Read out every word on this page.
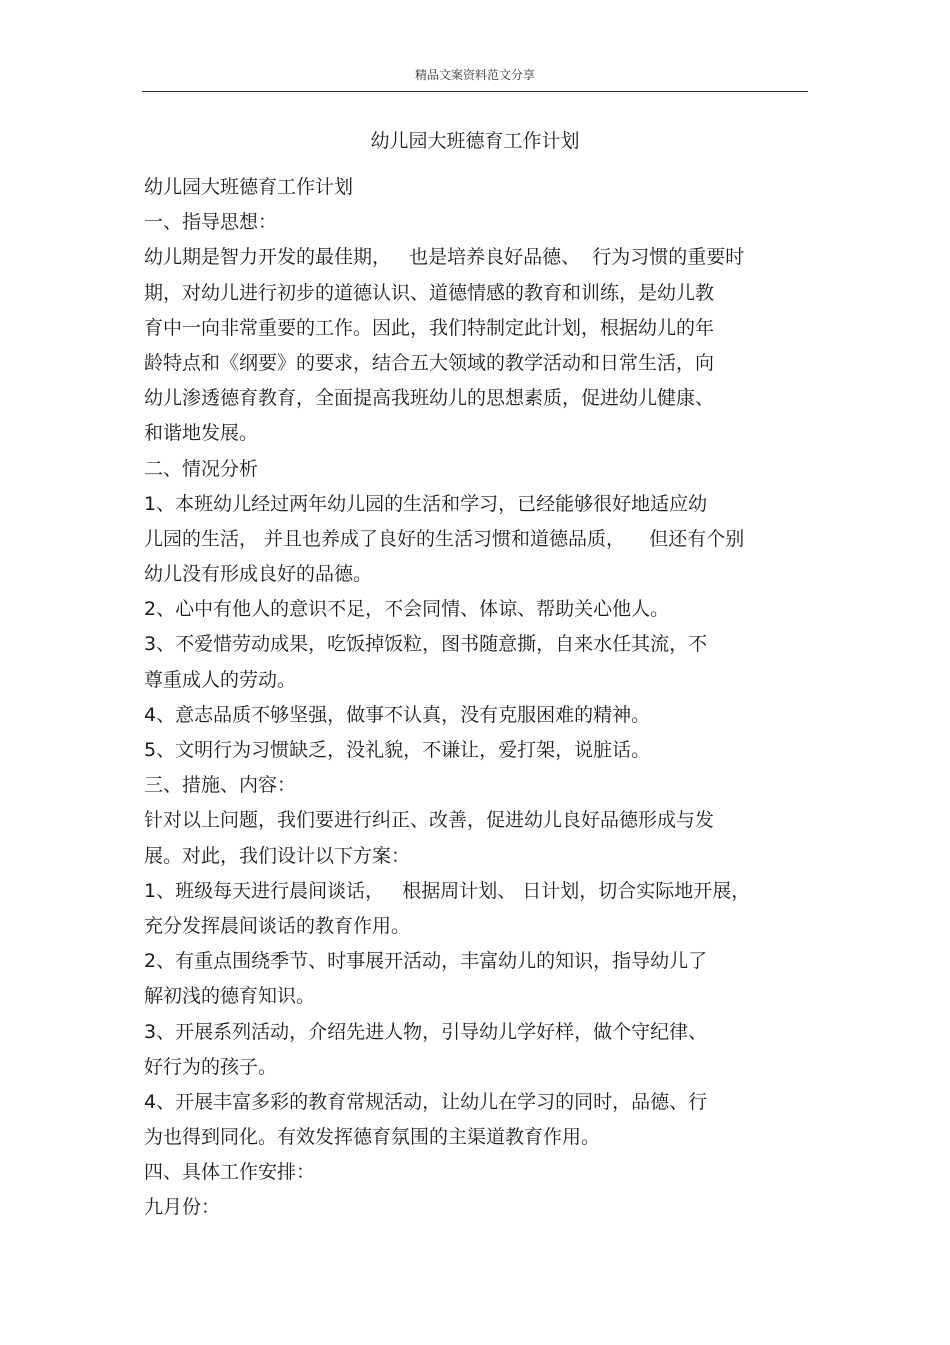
精品文案资料范文分享
幼儿园大班德育工作计划
幼儿园大班德育工作计划
一、指导思想：
幼儿期是智力开发的最佳期，   也是培养良好品德、  行为习惯的重要时
期，对幼儿进行初步的道德认识、道德情感的教育和训练，是幼儿教
育中一向非常重要的工作。因此，我们特制定此计划，根据幼儿的年
龄特点和《纲要》的要求，结合五大领域的教学活动和日常生活，向
幼儿渗透德育教育，全面提高我班幼儿的思想素质，促进幼儿健康、
和谐地发展。
二、情况分析
1、本班幼儿经过两年幼儿园的生活和学习，已经能够很好地适应幼
儿园的生活， 并且也养成了良好的生活习惯和道德品质，    但还有个别
幼儿没有形成良好的品德。
2、心中有他人的意识不足，不会同情、体谅、帮助关心他人。
3、不爱惜劳动成果，吃饭掉饭粒，图书随意撕，自来水任其流，不
尊重成人的劳动。
4、意志品质不够坚强，做事不认真，没有克服困难的精神。
5、文明行为习惯缺乏，没礼貌，不谦让，爱打架，说脏话。
三、措施、内容：
针对以上问题，我们要进行纠正、改善，促进幼儿良好品德形成与发
展。对此，我们设计以下方案：
1、班级每天进行晨间谈话，   根据周计划、 日计划，切合实际地开展，
充分发挥晨间谈话的教育作用。
2、有重点围绕季节、时事展开活动，丰富幼儿的知识，指导幼儿了
解初浅的德育知识。
3、开展系列活动，介绍先进人物，引导幼儿学好样，做个守纪律、
好行为的孩子。
4、开展丰富多彩的教育常规活动，让幼儿在学习的同时，品德、行
为也得到同化。有效发挥德育氛围的主渠道教育作用。
四、具体工作安排：
九月份：
